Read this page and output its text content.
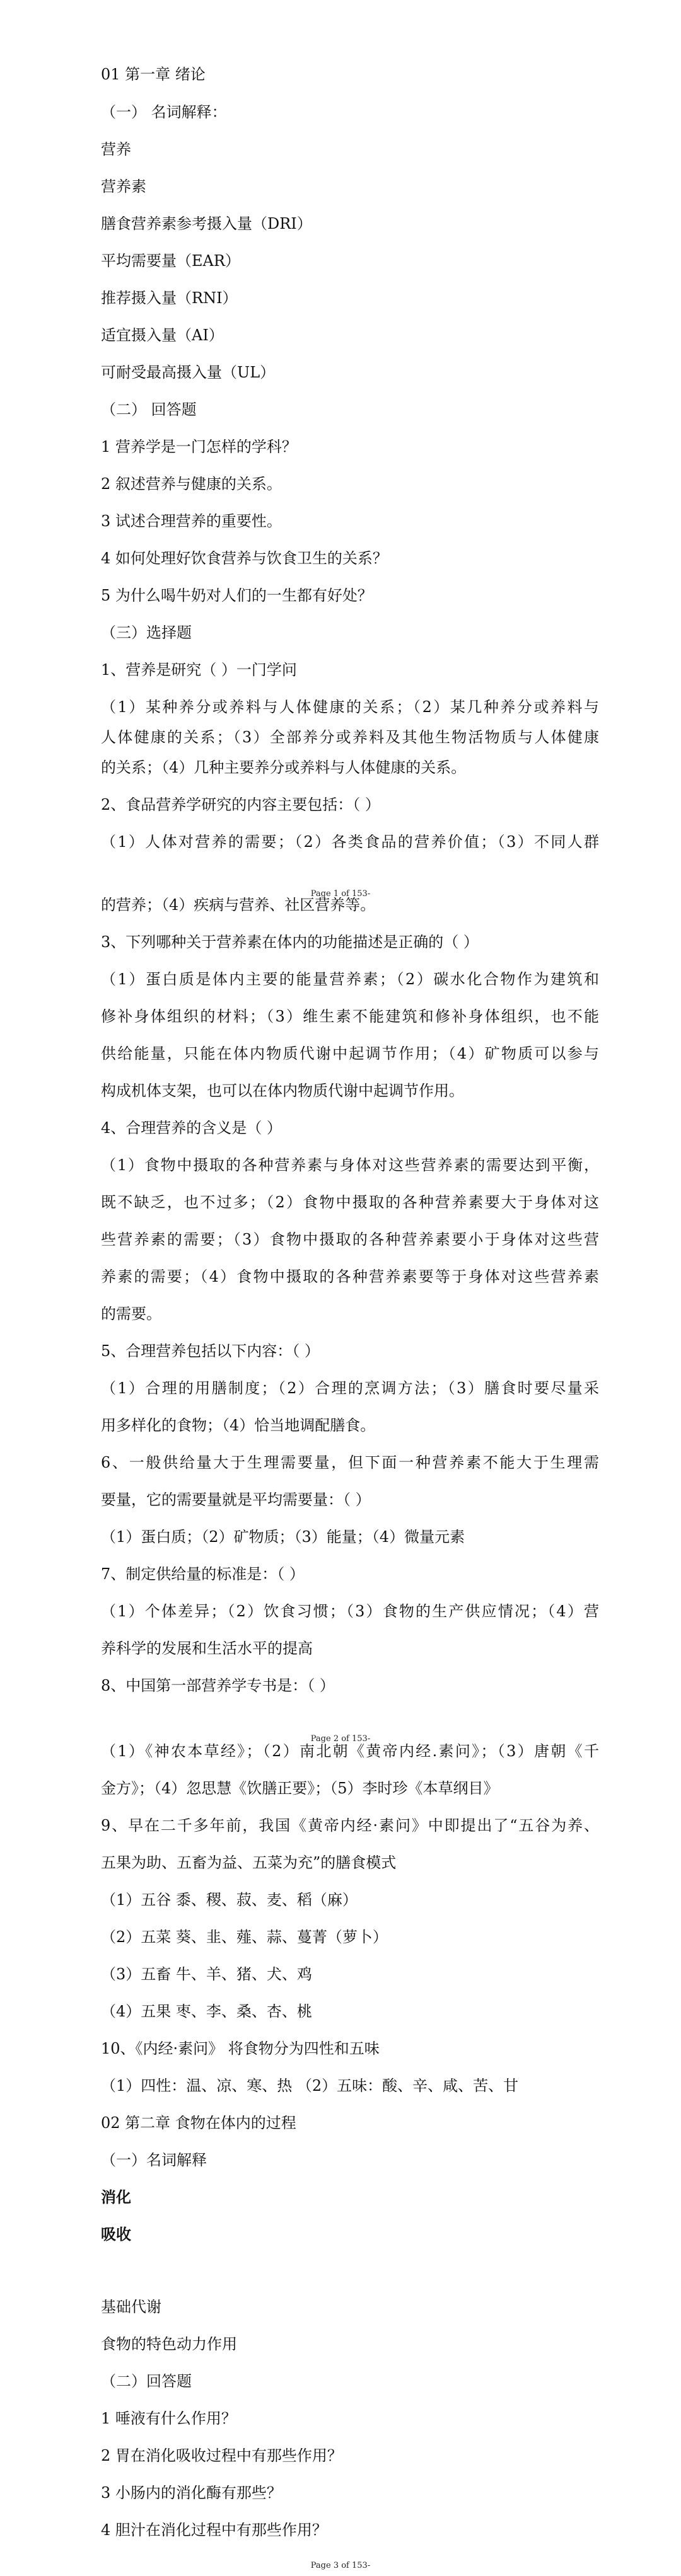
01 第一章 绪论
（一） 名词解释：
营养
营养素
膳食营养素参考摄入量（DRI）
平均需要量（EAR）
推荐摄入量（RNI）
适宜摄入量（AI）
可耐受最高摄入量（UL）
（二） 回答题
1 营养学是一门怎样的学科？
2 叙述营养与健康的关系。
3 试述合理营养的重要性。
4 如何处理好饮食营养与饮食卫生的关系？
5 为什么喝牛奶对人们的一生都有好处？
（三）选择题
1、营养是研究（ ）一门学问
（1）某种养分或养料与人体健康的关系；（2）某几种养分或养料与
人体健康的关系；（3）全部养分或养料及其他生物活物质与人体健康
的关系；（4）几种主要养分或养料与人体健康的关系。
2、食品营养学研究的内容主要包括：（ ）
（1）人体对营养的需要；（2）各类食品的营养价值；（3）不同人群
Page 1 of 153-
的营养；（4）疾病与营养、社区营养等。
3、下列哪种关于营养素在体内的功能描述是正确的（ ）
（1）蛋白质是体内主要的能量营养素；（2）碳水化合物作为建筑和
修补身体组织的材料；（3）维生素不能建筑和修补身体组织，也不能
供给能量，只能在体内物质代谢中起调节作用；（4）矿物质可以参与
构成机体支架，也可以在体内物质代谢中起调节作用。
4、合理营养的含义是（ ）
（1）食物中摄取的各种营养素与身体对这些营养素的需要达到平衡，
既不缺乏，也不过多；（2）食物中摄取的各种营养素要大于身体对这
些营养素的需要；（3）食物中摄取的各种营养素要小于身体对这些营
养素的需要；（4）食物中摄取的各种营养素要等于身体对这些营养素
的需要。
5、合理营养包括以下内容：（ ）
（1）合理的用膳制度；（2）合理的烹调方法；（3）膳食时要尽量采
用多样化的食物；（4）恰当地调配膳食。
6、一般供给量大于生理需要量，但下面一种营养素不能大于生理需
要量，它的需要量就是平均需要量：（ ）
（1）蛋白质；（2）矿物质；（3）能量；（4）微量元素
7、制定供给量的标准是：（ ）
（1）个体差异；（2）饮食习惯；（3）食物的生产供应情况；（4）营
养科学的发展和生活水平的提高
8、中国第一部营养学专书是：（ ）
Page 2 of 153-
（1）《神农本草经》；（2）南北朝《黄帝内经.素问》；（3）唐朝《千
金方》；（4）忽思慧《饮膳正要》；（5）李时珍《本草纲目》
9、早在二千多年前，我国《黄帝内经·素问》中即提出了“五谷为养、
五果为助、五畜为益、五菜为充”的膳食模式
（1）五谷 黍、稷、菽、麦、稻（麻）
（2）五菜 葵、韭、薤、蒜、蔓菁（萝卜）
（3）五畜 牛、羊、猪、犬、鸡
（4）五果 枣、李、桑、杏、桃
10、《内经·素问》 将食物分为四性和五味
（1）四性：温、凉、寒、热 （2）五味：酸、辛、咸、苦、甘
02 第二章 食物在体内的过程
（一）名词解释
消化
吸收
基础代谢
食物的特色动力作用
（二）回答题
1 唾液有什么作用？
2 胃在消化吸收过程中有那些作用？
3 小肠内的消化酶有那些？
4 胆汁在消化过程中有那些作用？
Page 3 of 153-
